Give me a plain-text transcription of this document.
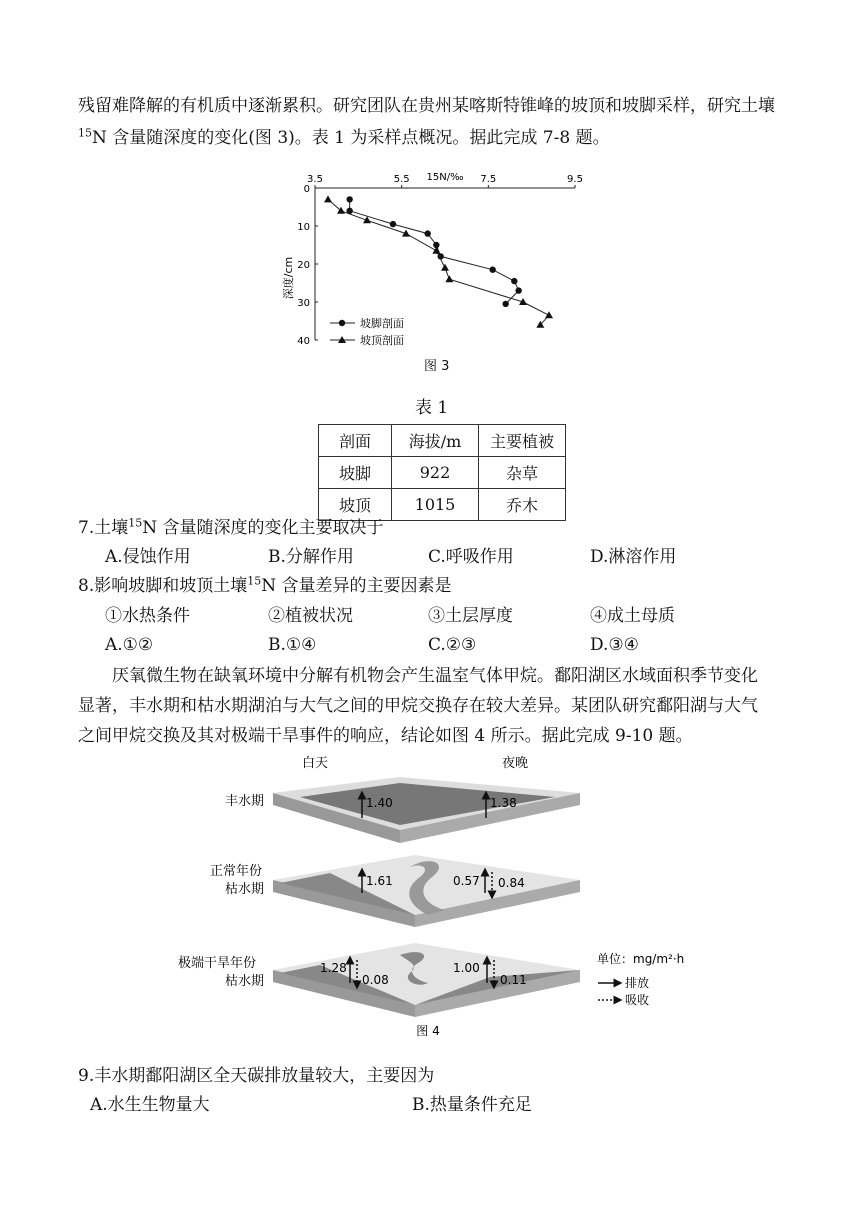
残留难降解的有机质中逐渐累积。研究团队在贵州某喀斯特锥峰的坡顶和坡脚采样，研究土壤
$^{15}$N 含量随深度的变化(图 3)。表 1 为采样点概况。据此完成 7-8 题。
15N/‰
3.5	5.5	7.5	9.5
0
10
20
30
40
深度/cm
坡脚剖面
坡顶剖面
图 3
表 1
剖面	海拔/m	主要植被
坡脚	922	杂草
坡顶	1015	乔木
7.土壤$^{15}$N 含量随深度的变化主要取决于
A.侵蚀作用	B.分解作用	C.呼吸作用	D.淋溶作用
8.影响坡脚和坡顶土壤$^{15}$N 含量差异的主要因素是
①水热条件	②植被状况	③土层厚度	④成土母质
A.①②	B.①④	C.②③	D.③④
厌氧微生物在缺氧环境中分解有机物会产生温室气体甲烷。鄱阳湖区水域面积季节变化
显著，丰水期和枯水期湖泊与大气之间的甲烷交换存在较大差异。某团队研究鄱阳湖与大气
之间甲烷交换及其对极端干旱事件的响应，结论如图 4 所示。据此完成 9-10 题。
白天	夜晚
1.40	1.38
丰水期
1.61	0.57 0.84
正常年份
枯水期
1.28
0.08
1.00
0.11
极端干旱年份
枯水期
单位：mg/m²·h
排放
吸收
图 4
9.丰水期鄱阳湖区全天碳排放量较大，主要因为
A.水生生物量大	B.热量条件充足
